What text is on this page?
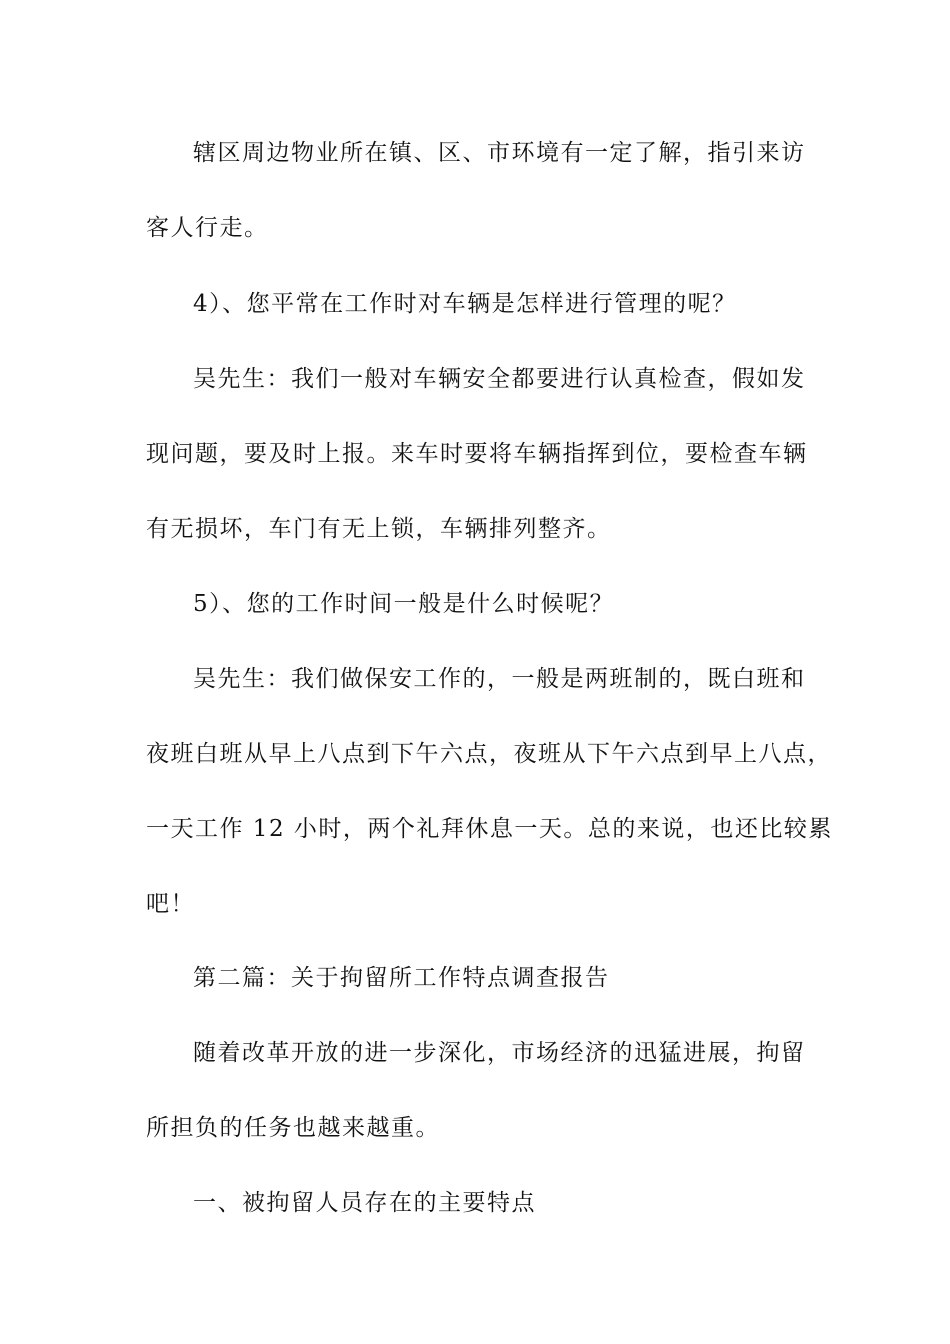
辖区周边物业所在镇、区、市环境有一定了解，指引来访

客人行走。

4）、您平常在工作时对车辆是怎样进行管理的呢？

吴先生：我们一般对车辆安全都要进行认真检查，假如发

现问题，要及时上报。来车时要将车辆指挥到位，要检查车辆

有无损坏，车门有无上锁，车辆排列整齐。

5）、您的工作时间一般是什么时候呢？

吴先生：我们做保安工作的，一般是两班制的，既白班和

夜班白班从早上八点到下午六点，夜班从下午六点到早上八点，

一天工作 12 小时，两个礼拜休息一天。总的来说，也还比较累

吧！

第二篇：关于拘留所工作特点调查报告

随着改革开放的进一步深化，市场经济的迅猛进展，拘留

所担负的任务也越来越重。

一、被拘留人员存在的主要特点
